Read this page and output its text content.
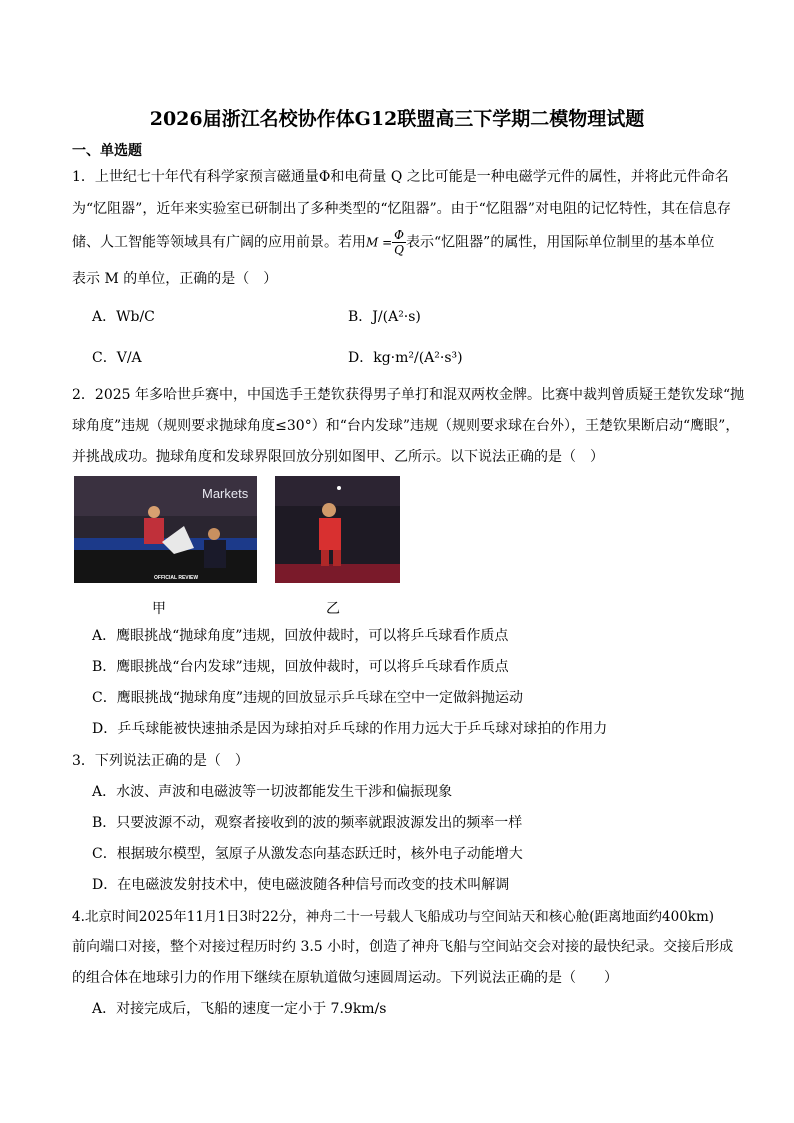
2026届浙江名校协作体G12联盟高三下学期二模物理试题
一、单选题
1．上世纪七十年代有科学家预言磁通量Φ和电荷量 Q 之比可能是一种电磁学元件的属性，并将此元件命名
为“忆阻器”，近年来实验室已研制出了多种类型的“忆阻器”。由于“忆阻器”对电阻的记忆特性，其在信息存
储、人工智能等领域具有广阔的应用前景。若用$M = \frac{\Phi}{Q}$ 表示“忆阻器”的属性，用国际单位制里的基本单位
表示 M 的单位，正确的是（　）
A．Wb/C	B．J/(A²·s)
C．V/A	D．kg·m²/(A²·s³)
2．2025 年多哈世乒赛中，中国选手王楚钦获得男子单打和混双两枚金牌。比赛中裁判曾质疑王楚钦发球“抛
球角度”违规（规则要求抛球角度≤30°）和“台内发球”违规（规则要求球在台外），王楚钦果断启动“鹰眼”，
并挑战成功。抛球角度和发球界限回放分别如图甲、乙所示。以下说法正确的是（　）
Markets
OFFICIAL REVIEW
甲	乙
A．鹰眼挑战“抛球角度”违规，回放仲裁时，可以将乒乓球看作质点
B．鹰眼挑战“台内发球”违规，回放仲裁时，可以将乒乓球看作质点
C．鹰眼挑战“抛球角度”违规的回放显示乒乓球在空中一定做斜抛运动
D．乒乓球能被快速抽杀是因为球拍对乒乓球的作用力远大于乒乓球对球拍的作用力
3．下列说法正确的是（　）
A．水波、声波和电磁波等一切波都能发生干涉和偏振现象
B．只要波源不动，观察者接收到的波的频率就跟波源发出的频率一样
C．根据玻尔模型，氢原子从激发态向基态跃迁时，核外电子动能增大
D．在电磁波发射技术中，使电磁波随各种信号而改变的技术叫解调
4.北京时间2025年11月1日3时22分，神舟二十一号载人飞船成功与空间站天和核心舱(距离地面约400km)
前向端口对接，整个对接过程历时约 3.5 小时，创造了神舟飞船与空间站交会对接的最快纪录。交接后形成
的组合体在地球引力的作用下继续在原轨道做匀速圆周运动。下列说法正确的是（　　）
A．对接完成后，飞船的速度一定小于 7.9km/s
